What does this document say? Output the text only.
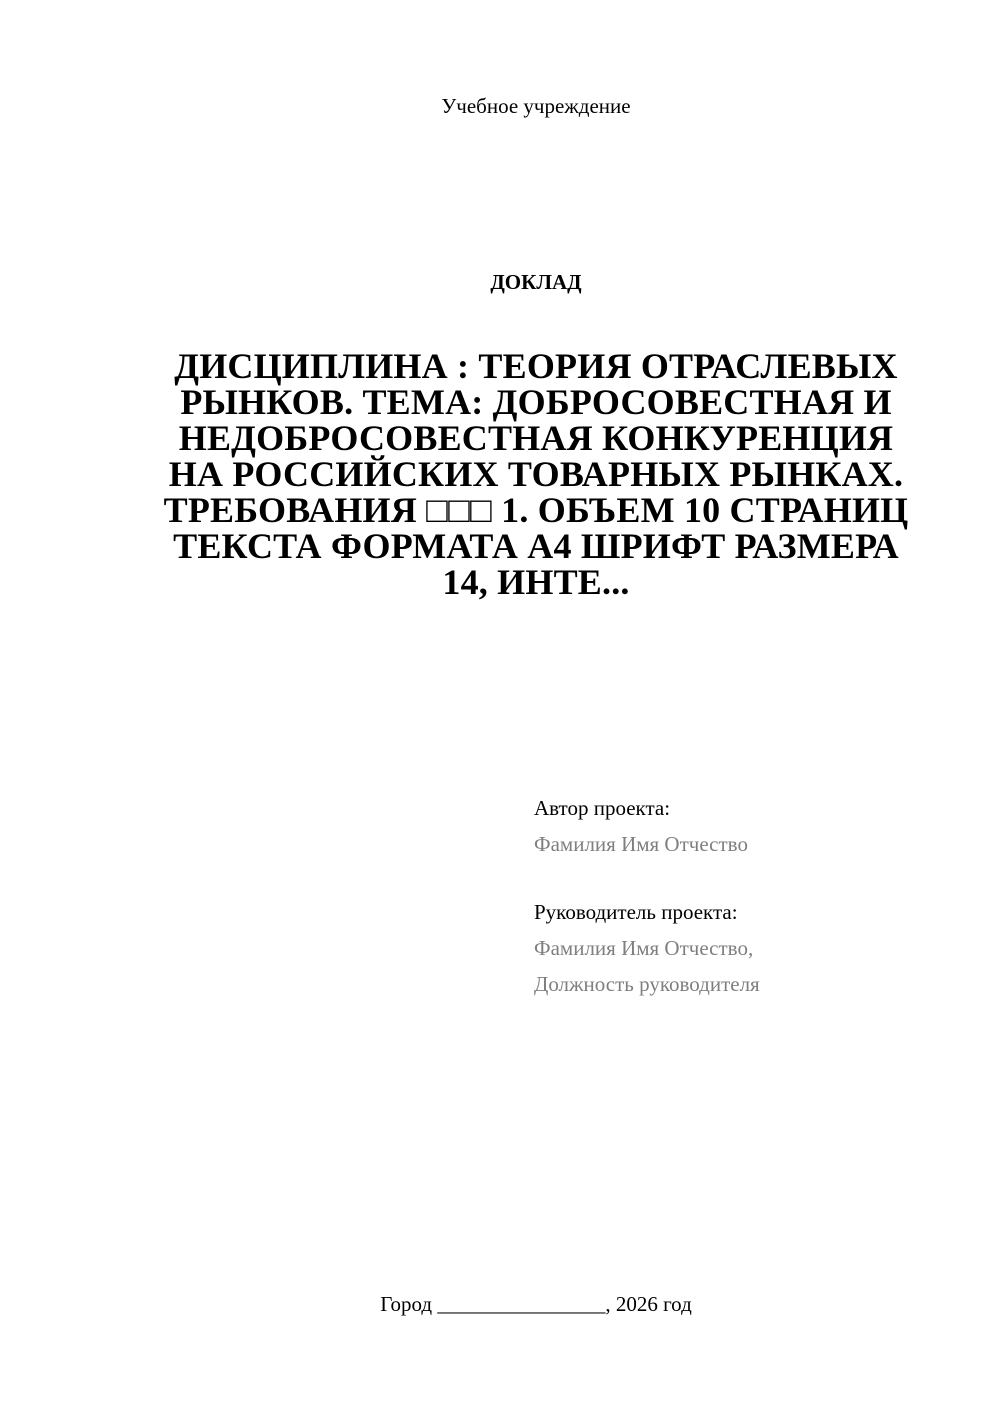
Учебное учреждение
ДОКЛАД
ДИСЦИПЛИНА : ТЕОРИЯ ОТРАСЛЕВЫХ РЫНКОВ. ТЕМА: ДОБРОСОВЕСТНАЯ И НЕДОБРОСОВЕСТНАЯ КОНКУРЕНЦИЯ НА РОССИЙСКИХ ТОВАРНЫХ РЫНКАХ. ТРЕБОВАНИЯ □□□ 1. ОБЪЕМ 10 СТРАНИЦ ТЕКСТА ФОРМАТА А4 ШРИФТ РАЗМЕРА 14, ИНТЕ...
Автор проекта:
Фамилия Имя Отчество
Руководитель проекта:
Фамилия Имя Отчество,
Должность руководителя
Город ________________, 2026 год
